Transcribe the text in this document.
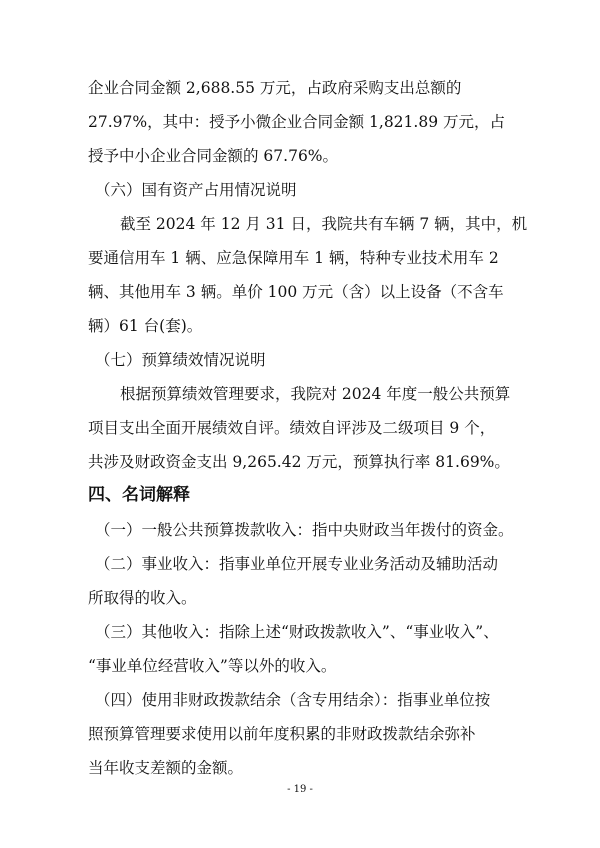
企业合同金额 2,688.55 万元，占政府采购支出总额的
27.97%，其中：授予小微企业合同金额 1,821.89 万元，占
授予中小企业合同金额的 67.76%。
（六）国有资产占用情况说明
截至 2024 年 12 月 31 日，我院共有车辆 7 辆，其中，机
要通信用车 1 辆、应急保障用车 1 辆，特种专业技术用车 2
辆、其他用车 3 辆。单价 100 万元（含）以上设备（不含车
辆）61 台(套)。
（七）预算绩效情况说明
根据预算绩效管理要求，我院对 2024 年度一般公共预算
项目支出全面开展绩效自评。绩效自评涉及二级项目 9 个，
共涉及财政资金支出 9,265.42 万元，预算执行率 81.69%。
四、名词解释
（一）一般公共预算拨款收入：指中央财政当年拨付的资金。
（二）事业收入：指事业单位开展专业业务活动及辅助活动
所取得的收入。
（三）其他收入：指除上述“财政拨款收入”、“事业收入”、
“事业单位经营收入”等以外的收入。
（四）使用非财政拨款结余（含专用结余）：指事业单位按
照预算管理要求使用以前年度积累的非财政拨款结余弥补
当年收支差额的金额。
- 19 -
